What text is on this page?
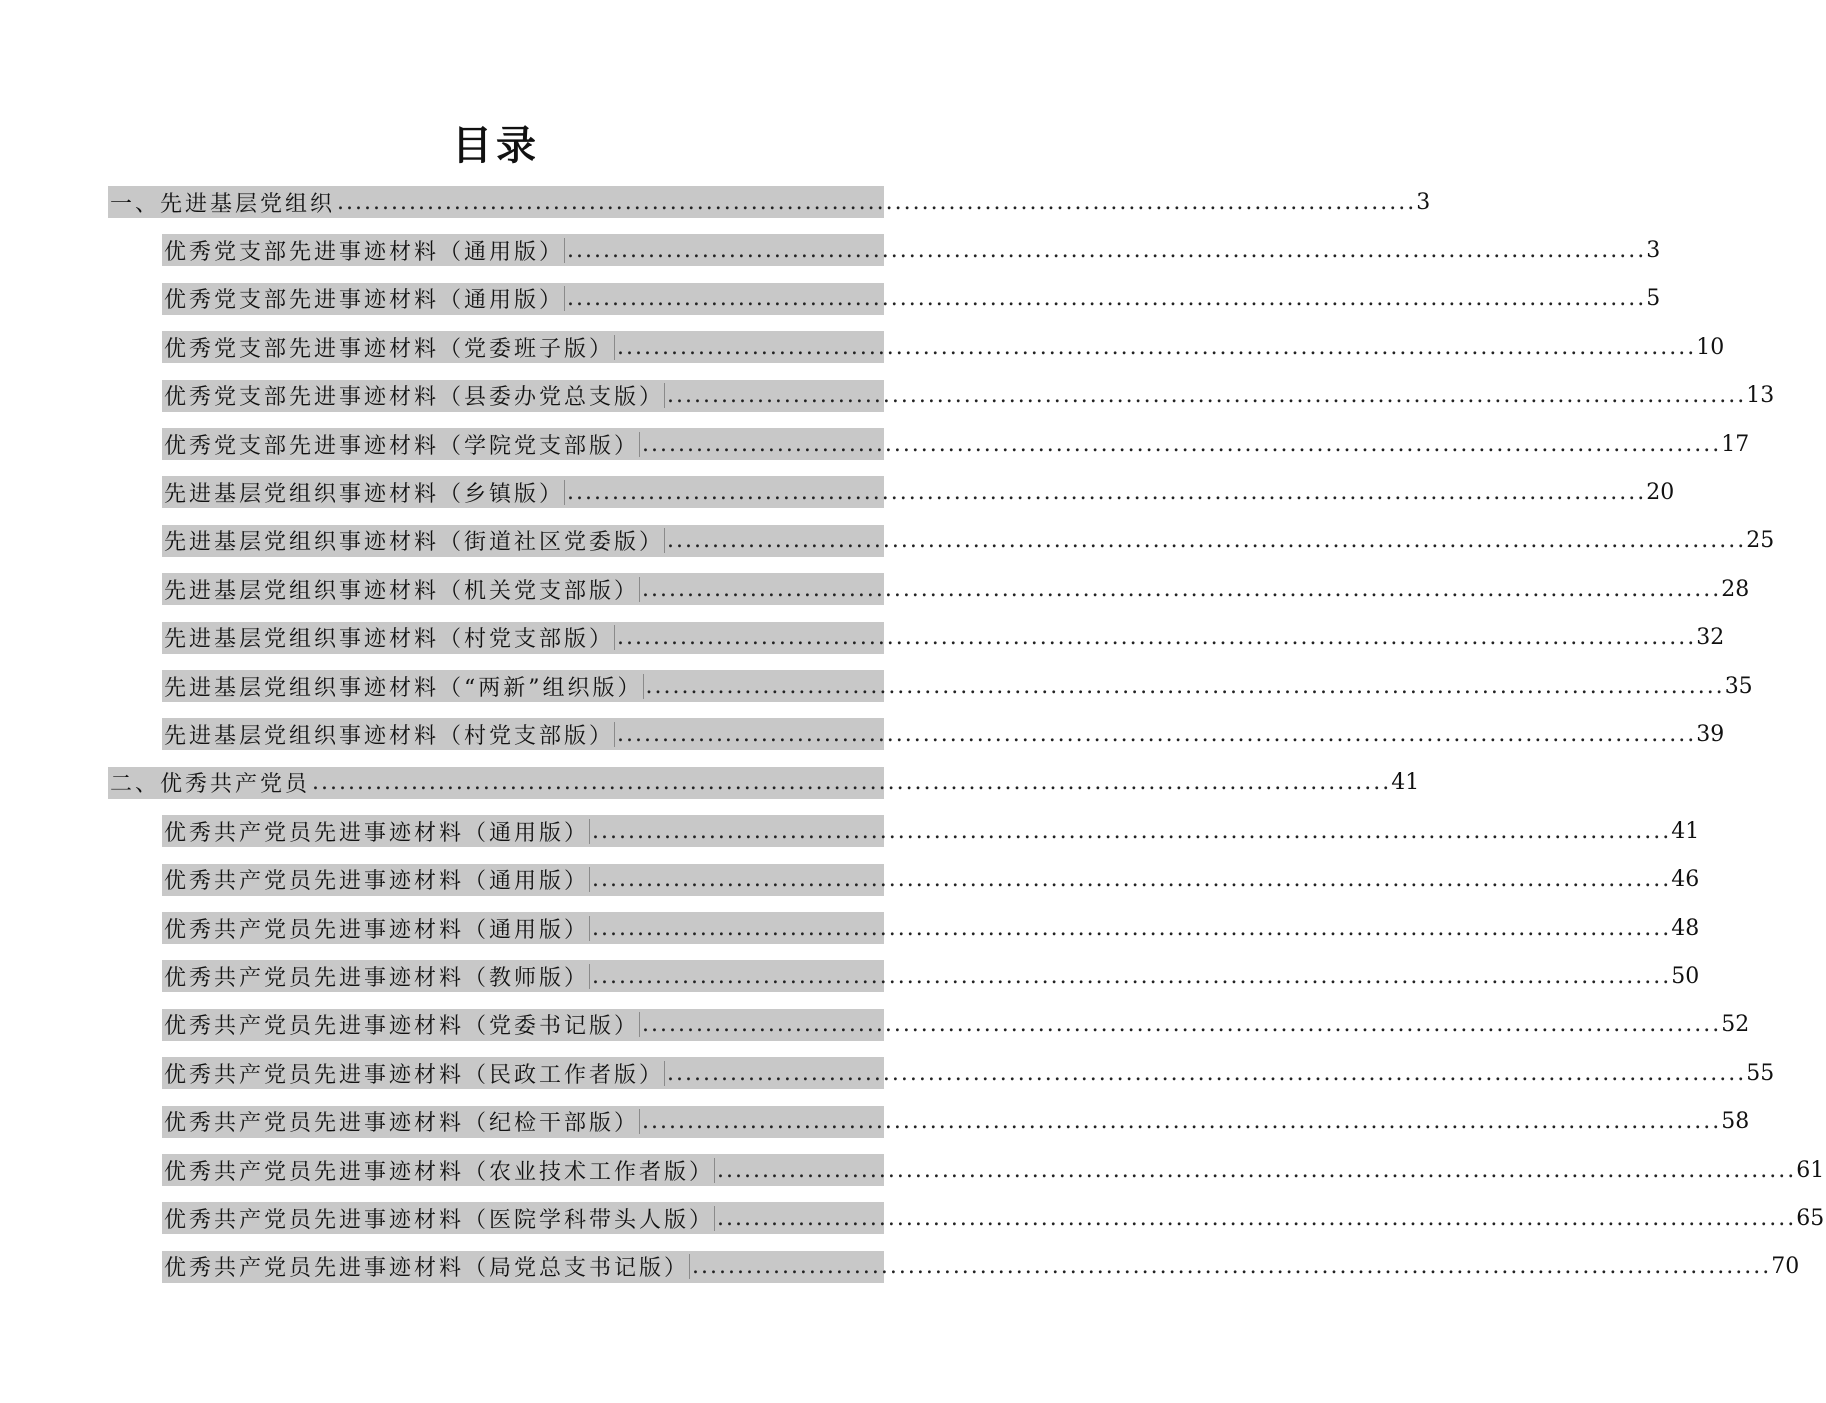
目录
一、先进基层党组织 ........................................................................................................................ 3
优秀党支部先进事迹材料（通用版） ........................................................................................................................ 3
优秀党支部先进事迹材料（通用版） ........................................................................................................................ 5
优秀党支部先进事迹材料（党委班子版） ........................................................................................................................ 10
优秀党支部先进事迹材料（县委办党总支版） ........................................................................................................................ 13
优秀党支部先进事迹材料（学院党支部版） ........................................................................................................................ 17
先进基层党组织事迹材料（乡镇版） ........................................................................................................................ 20
先进基层党组织事迹材料（街道社区党委版） ........................................................................................................................ 25
先进基层党组织事迹材料（机关党支部版） ........................................................................................................................ 28
先进基层党组织事迹材料（村党支部版） ........................................................................................................................ 32
先进基层党组织事迹材料（“两新”组织版） ........................................................................................................................ 35
先进基层党组织事迹材料（村党支部版） ........................................................................................................................ 39
二、优秀共产党员 ........................................................................................................................ 41
优秀共产党员先进事迹材料（通用版） ........................................................................................................................ 41
优秀共产党员先进事迹材料（通用版） ........................................................................................................................ 46
优秀共产党员先进事迹材料（通用版） ........................................................................................................................ 48
优秀共产党员先进事迹材料（教师版） ........................................................................................................................ 50
优秀共产党员先进事迹材料（党委书记版） ........................................................................................................................ 52
优秀共产党员先进事迹材料（民政工作者版） ........................................................................................................................ 55
优秀共产党员先进事迹材料（纪检干部版） ........................................................................................................................ 58
优秀共产党员先进事迹材料（农业技术工作者版） ........................................................................................................................ 61
优秀共产党员先进事迹材料（医院学科带头人版） ........................................................................................................................ 65
优秀共产党员先进事迹材料（局党总支书记版） ........................................................................................................................ 70
